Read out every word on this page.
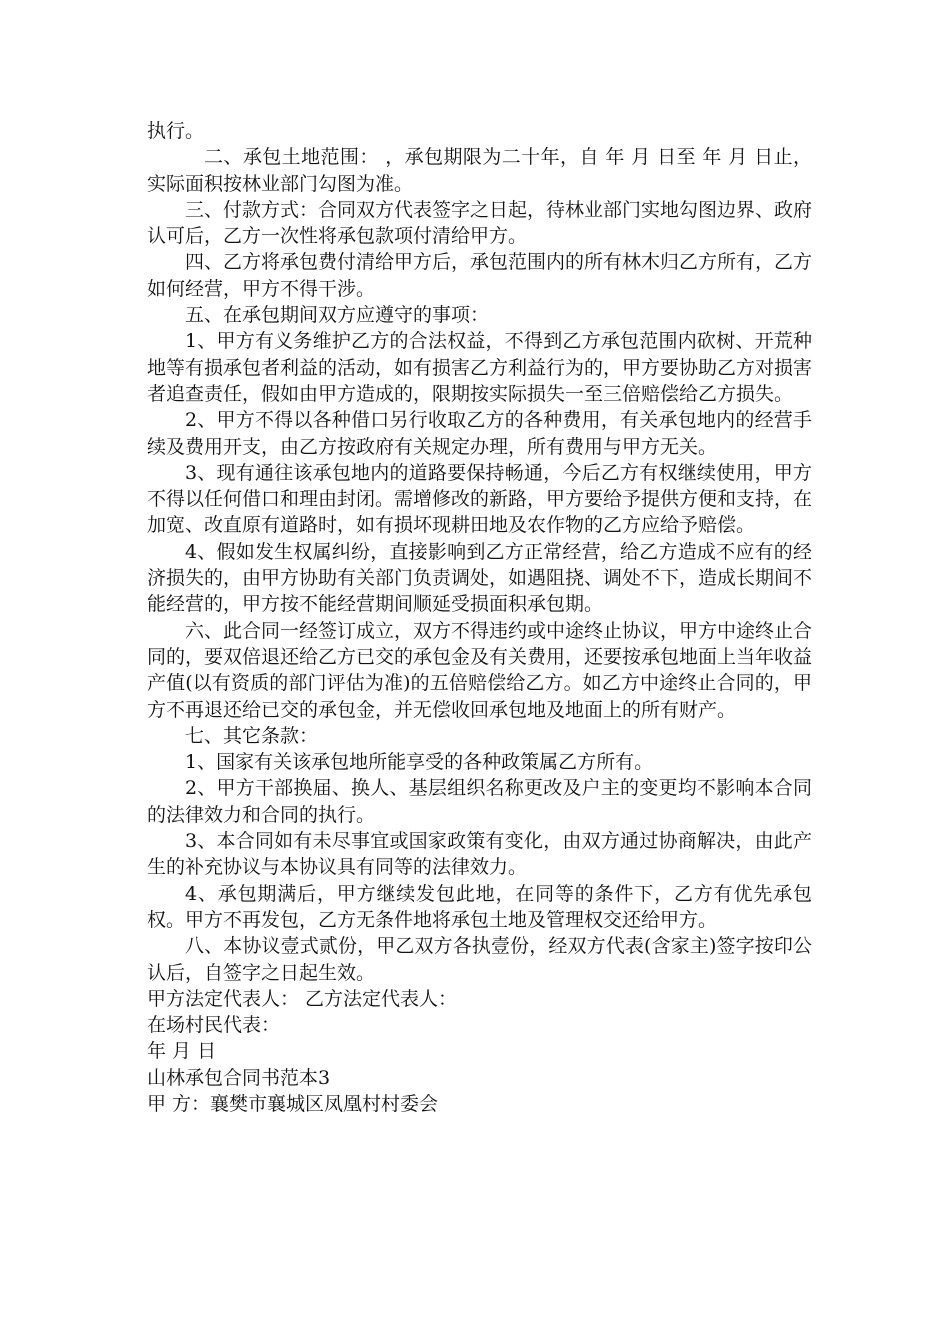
执行。

二、承包土地范围： ，承包期限为二十年，自 年 月 日至 年 月 日止，实际面积按林业部门勾图为准。

三、付款方式：合同双方代表签字之日起，待林业部门实地勾图边界、政府认可后，乙方一次性将承包款项付清给甲方。

四、乙方将承包费付清给甲方后，承包范围内的所有林木归乙方所有，乙方如何经营，甲方不得干涉。

五、在承包期间双方应遵守的事项：

1、甲方有义务维护乙方的合法权益，不得到乙方承包范围内砍树、开荒种地等有损承包者利益的活动，如有损害乙方利益行为的，甲方要协助乙方对损害者追查责任，假如由甲方造成的，限期按实际损失一至三倍赔偿给乙方损失。

2、甲方不得以各种借口另行收取乙方的各种费用，有关承包地内的经营手续及费用开支，由乙方按政府有关规定办理，所有费用与甲方无关。

3、现有通往该承包地内的道路要保持畅通，今后乙方有权继续使用，甲方不得以任何借口和理由封闭。需增修改的新路，甲方要给予提供方便和支持，在加宽、改直原有道路时，如有损坏现耕田地及农作物的乙方应给予赔偿。

4、假如发生权属纠纷，直接影响到乙方正常经营，给乙方造成不应有的经济损失的，由甲方协助有关部门负责调处，如遇阻挠、调处不下，造成长期间不能经营的，甲方按不能经营期间顺延受损面积承包期。

六、此合同一经签订成立，双方不得违约或中途终止协议，甲方中途终止合同的，要双倍退还给乙方已交的承包金及有关费用，还要按承包地面上当年收益产值(以有资质的部门评估为准)的五倍赔偿给乙方。如乙方中途终止合同的，甲方不再退还给已交的承包金，并无偿收回承包地及地面上的所有财产。

七、其它条款：

1、国家有关该承包地所能享受的各种政策属乙方所有。

2、甲方干部换届、换人、基层组织名称更改及户主的变更均不影响本合同的法律效力和合同的执行。

3、本合同如有未尽事宜或国家政策有变化，由双方通过协商解决，由此产生的补充协议与本协议具有同等的法律效力。

4、承包期满后，甲方继续发包此地，在同等的条件下，乙方有优先承包权。甲方不再发包，乙方无条件地将承包土地及管理权交还给甲方。

八、本协议壹式贰份，甲乙双方各执壹份，经双方代表(含家主)签字按印公认后，自签字之日起生效。

甲方法定代表人： 乙方法定代表人：

在场村民代表：

年 月 日

山林承包合同书范本3

甲 方：襄樊市襄城区凤凰村村委会
